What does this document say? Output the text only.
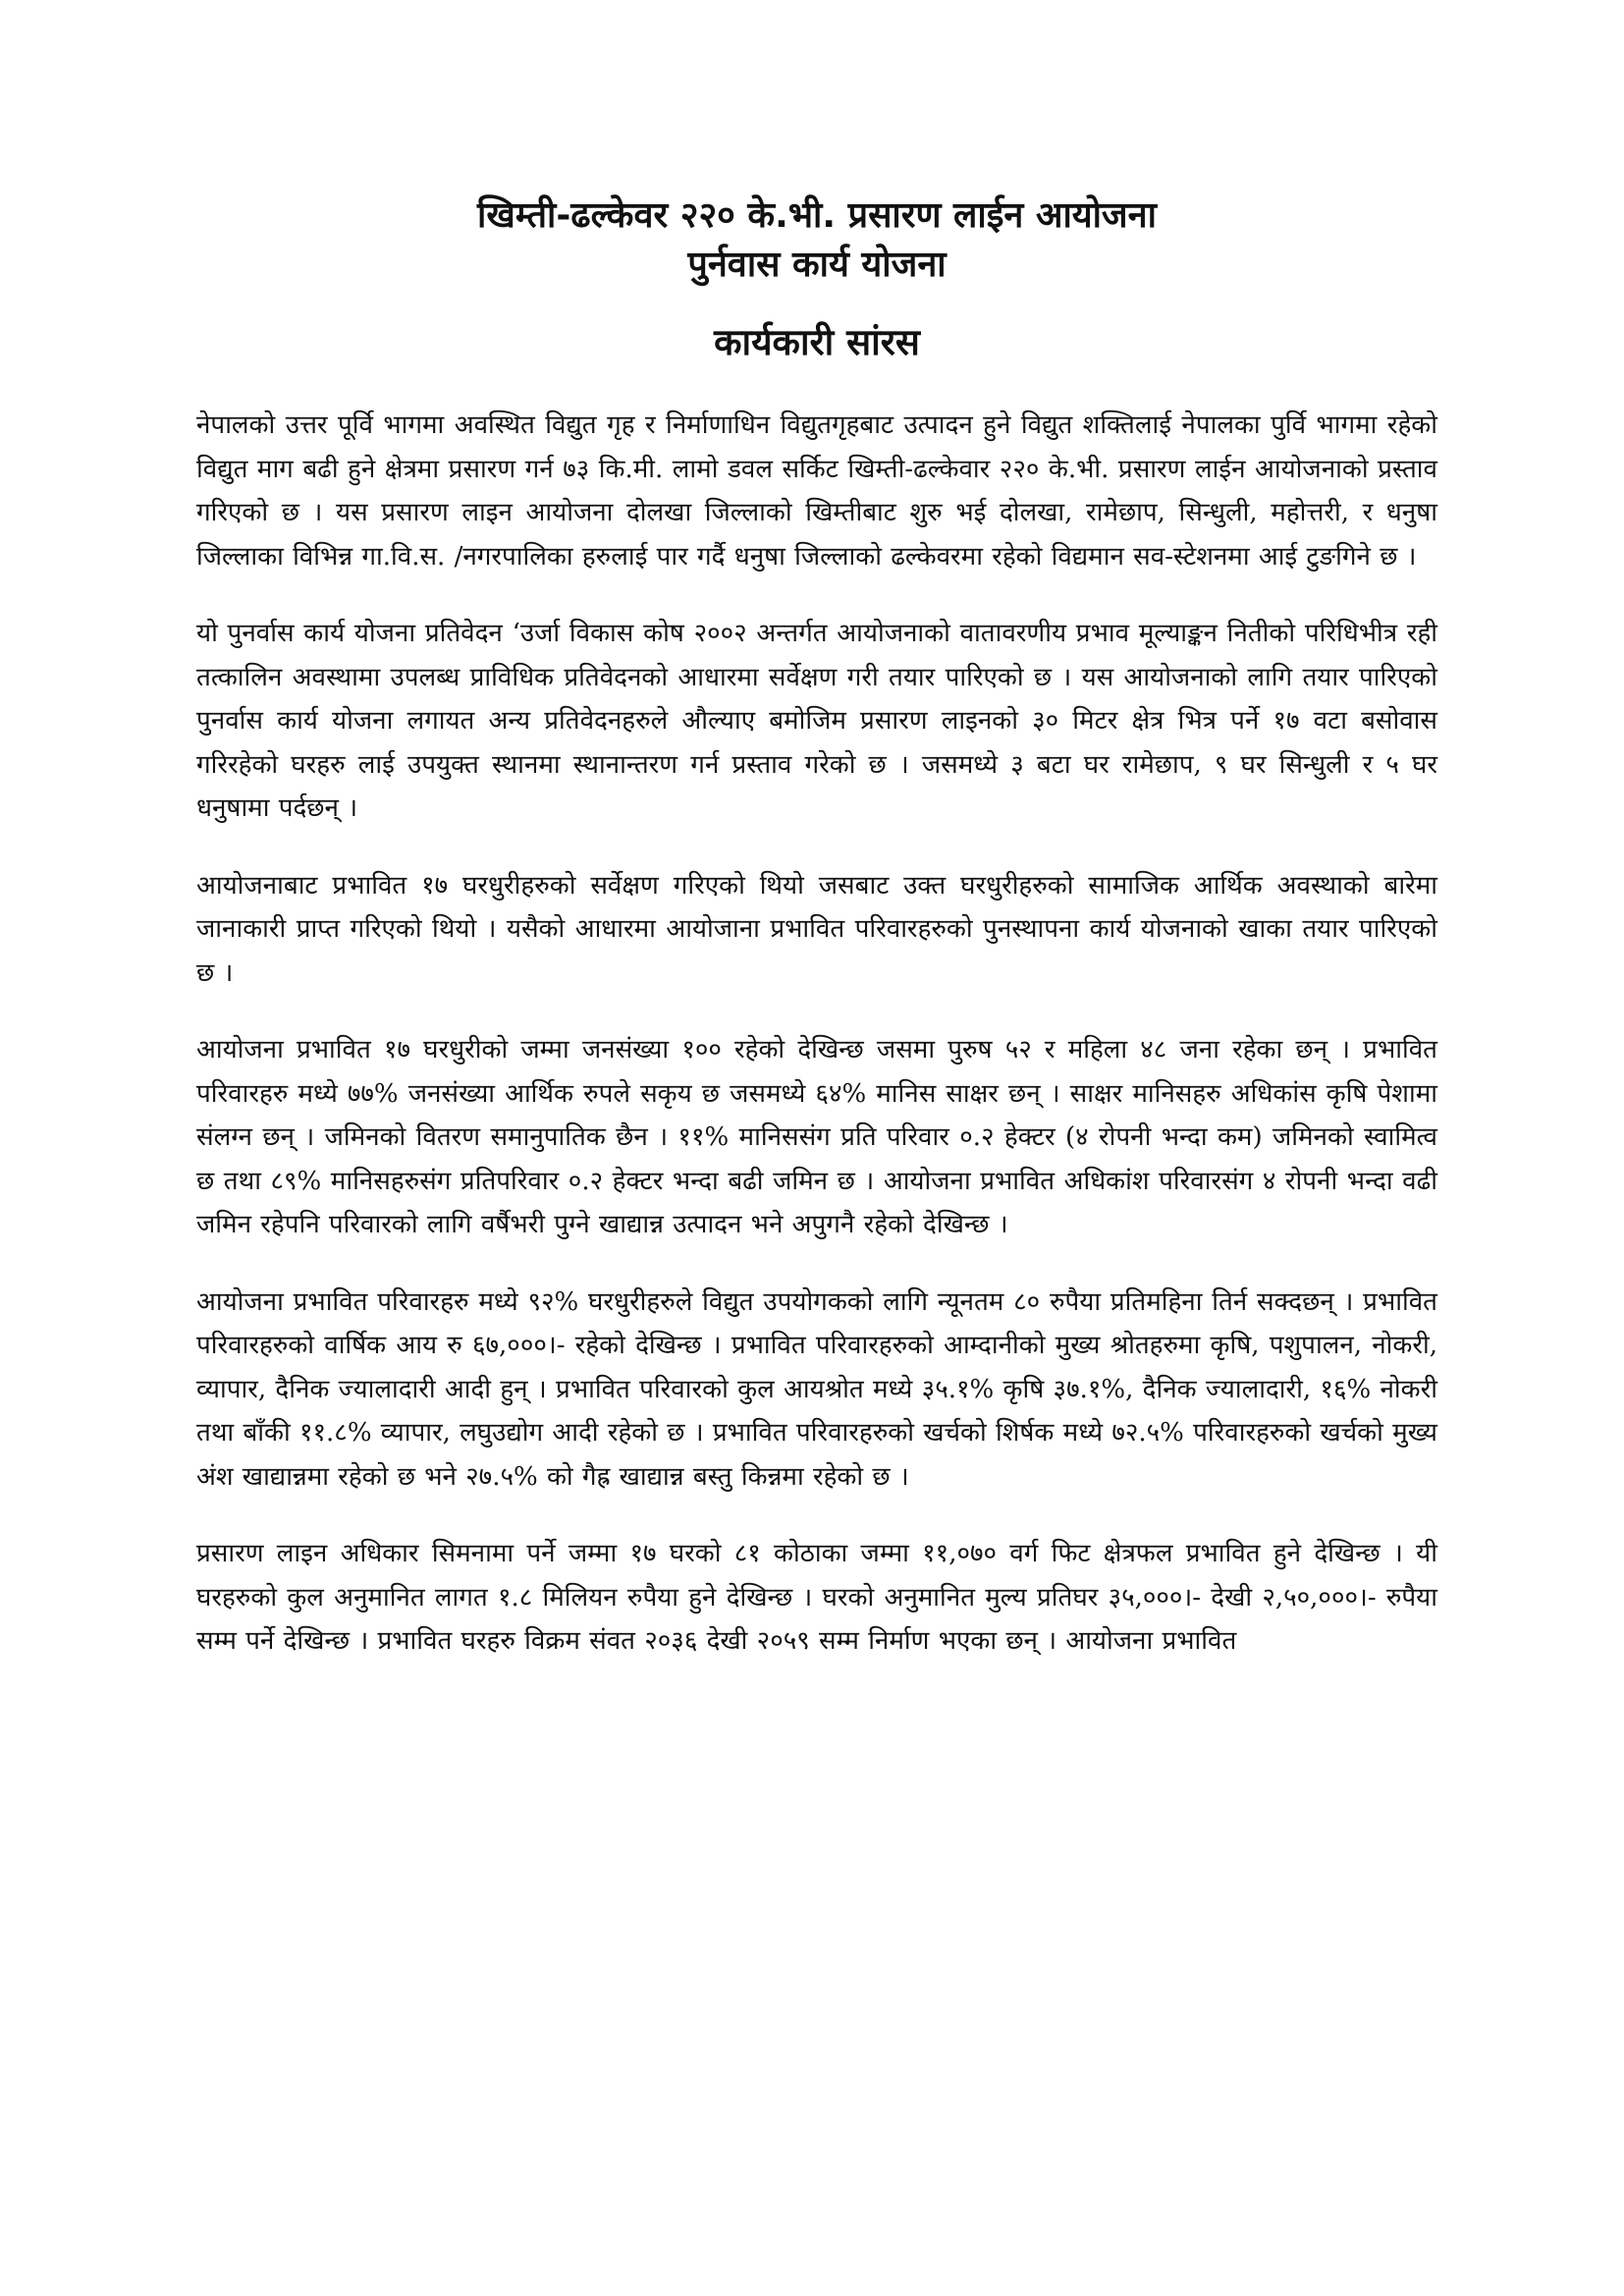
खिम्ती-ढल्केवर २२० के.भी. प्रसारण लाईन आयोजना

पुर्नवास कार्य योजना

कार्यकारी सांरस

नेपालको उत्तर पूर्वि भागमा अवस्थित विद्युत गृह र निर्माणाधिन विद्युतगृहबाट उत्पादन हुने विद्युत शक्तिलाई नेपालका पुर्वि भागमा रहेको विद्युत माग बढी हुने क्षेत्रमा प्रसारण गर्न ७३ कि.मी. लामो डवल सर्किट खिम्ती-ढल्केवार २२० के.भी. प्रसारण लाईन आयोजनाको प्रस्ताव गरिएको छ । यस प्रसारण लाइन आयोजना दोलखा जिल्लाको खिम्तीबाट शुरु भई दोलखा, रामेछाप, सिन्धुली, महोत्तरी, र धनुषा जिल्लाका विभिन्न गा.वि.स. /नगरपालिका हरुलाई पार गर्दै धनुषा जिल्लाको ढल्केवरमा रहेको विद्यमान सव-स्टेशनमा आई टुङगिने छ ।

यो पुनर्वास कार्य योजना प्रतिवेदन ‘उर्जा विकास कोष २००२ अन्तर्गत आयोजनाको वातावरणीय प्रभाव मूल्याङ्कन नितीको परिधिभीत्र रही तत्कालिन अवस्थामा उपलब्ध प्राविधिक प्रतिवेदनको आधारमा सर्वेक्षण गरी तयार पारिएको छ । यस आयोजनाको लागि तयार पारिएको पुनर्वास कार्य योजना लगायत अन्य प्रतिवेदनहरुले औल्याए बमोजिम प्रसारण लाइनको ३० मिटर क्षेत्र भित्र पर्ने १७ वटा बसोवास गरिरहेको घरहरु लाई उपयुक्त स्थानमा स्थानान्तरण गर्न प्रस्ताव गरेको छ । जसमध्ये ३ बटा घर रामेछाप, ९ घर सिन्धुली र ५ घर धनुषामा पर्दछन् ।

आयोजनाबाट प्रभावित १७ घरधुरीहरुको सर्वेक्षण गरिएको थियो जसबाट उक्त घरधुरीहरुको सामाजिक आर्थिक अवस्थाको बारेमा जानाकारी प्राप्त गरिएको थियो । यसैको आधारमा आयोजाना प्रभावित परिवारहरुको पुनस्थापना कार्य योजनाको खाका तयार पारिएको छ ।

आयोजना प्रभावित १७ घरधुरीको जम्मा जनसंख्या १०० रहेको देखिन्छ जसमा पुरुष ५२ र महिला ४८ जना रहेका छन् । प्रभावित परिवारहरु मध्ये ७७% जनसंख्या आर्थिक रुपले सकृय छ जसमध्ये ६४% मानिस साक्षर छन् । साक्षर मानिसहरु अधिकांस कृषि पेशामा संलग्न छन् । जमिनको वितरण समानुपातिक छैन । ११% मानिससंग प्रति परिवार ०.२ हेक्टर (४ रोपनी भन्दा कम) जमिनको स्वामित्व छ तथा ८९% मानिसहरुसंग प्रतिपरिवार ०.२ हेक्टर भन्दा बढी जमिन छ । आयोजना प्रभावित अधिकांश परिवारसंग ४ रोपनी भन्दा वढी जमिन रहेपनि परिवारको लागि वर्षैभरी पुग्ने खाद्यान्न उत्पादन भने अपुगनै रहेको देखिन्छ ।

आयोजना प्रभावित परिवारहरु मध्ये ९२% घरधुरीहरुले विद्युत उपयोगकको लागि न्यूनतम ८० रुपैया प्रतिमहिना तिर्न सक्दछन् । प्रभावित परिवारहरुको वार्षिक आय रु ६७,०००।- रहेको देखिन्छ । प्रभावित परिवारहरुको आम्दानीको मुख्य श्रोतहरुमा कृषि, पशुपालन, नोकरी, व्यापार, दैनिक ज्यालादारी आदी हुन् । प्रभावित परिवारको कुल आयश्रोत मध्ये ३५.१% कृषि ३७.१%, दैनिक ज्यालादारी, १६% नोकरी तथा बाँकी ११.८% व्यापार, लघुउद्योग आदी रहेको छ । प्रभावित परिवारहरुको खर्चको शिर्षक मध्ये ७२.५% परिवारहरुको खर्चको मुख्य अंश खाद्यान्नमा रहेको छ भने २७.५% को गैह्र खाद्यान्न बस्तु किन्नमा रहेको छ ।

प्रसारण लाइन अधिकार सिमनामा पर्ने जम्मा १७ घरको ८१ कोठाका जम्मा ११,०७० वर्ग फिट क्षेत्रफल प्रभावित हुने देखिन्छ । यी घरहरुको कुल अनुमानित लागत १.८ मिलियन रुपैया हुने देखिन्छ । घरको अनुमानित मुल्य प्रतिघर ३५,०००।- देखी २,५०,०००।- रुपैया सम्म पर्ने देखिन्छ । प्रभावित घरहरु विक्रम संवत २०३६ देखी २०५९ सम्म निर्माण भएका छन् । आयोजना प्रभावित
